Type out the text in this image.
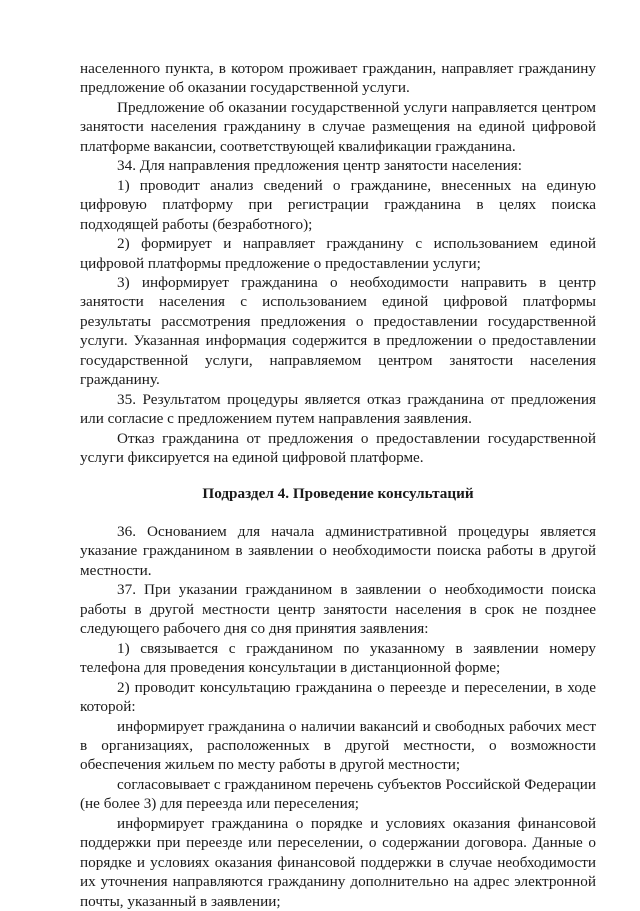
населенного пункта, в котором проживает гражданин, направляет гражданину предложение об оказании государственной услуги.

Предложение об оказании государственной услуги направляется центром занятости населения гражданину в случае размещения на единой цифровой платформе вакансии, соответствующей квалификации гражданина.

34. Для направления предложения центр занятости населения:

1) проводит анализ сведений о гражданине, внесенных на единую цифровую платформу при регистрации гражданина в целях поиска подходящей работы (безработного);

2) формирует и направляет гражданину с использованием единой цифровой платформы предложение о предоставлении услуги;

3) информирует гражданина о необходимости направить в центр занятости населения с использованием единой цифровой платформы результаты рассмотрения предложения о предоставлении государственной услуги. Указанная информация содержится в предложении о предоставлении государственной услуги, направляемом центром занятости населения гражданину.

35. Результатом процедуры является отказ гражданина от предложения или согласие с предложением путем направления заявления.

Отказ гражданина от предложения о предоставлении государственной услуги фиксируется на единой цифровой платформе.

Подраздел 4. Проведение консультаций

36. Основанием для начала административной процедуры является указание гражданином в заявлении о необходимости поиска работы в другой местности.

37. При указании гражданином в заявлении о необходимости поиска работы в другой местности центр занятости населения в срок не позднее следующего рабочего дня со дня принятия заявления:

1) связывается с гражданином по указанному в заявлении номеру телефона для проведения консультации в дистанционной форме;

2) проводит консультацию гражданина о переезде и переселении, в ходе которой:

информирует гражданина о наличии вакансий и свободных рабочих мест в организациях, расположенных в другой местности, о возможности обеспечения жильем по месту работы в другой местности;

согласовывает с гражданином перечень субъектов Российской Федерации (не более 3) для переезда или переселения;

информирует гражданина о порядке и условиях оказания финансовой поддержки при переезде или переселении, о содержании договора. Данные о порядке и условиях оказания финансовой поддержки в случае необходимости их уточнения направляются гражданину дополнительно на адрес электронной почты, указанный в заявлении;
